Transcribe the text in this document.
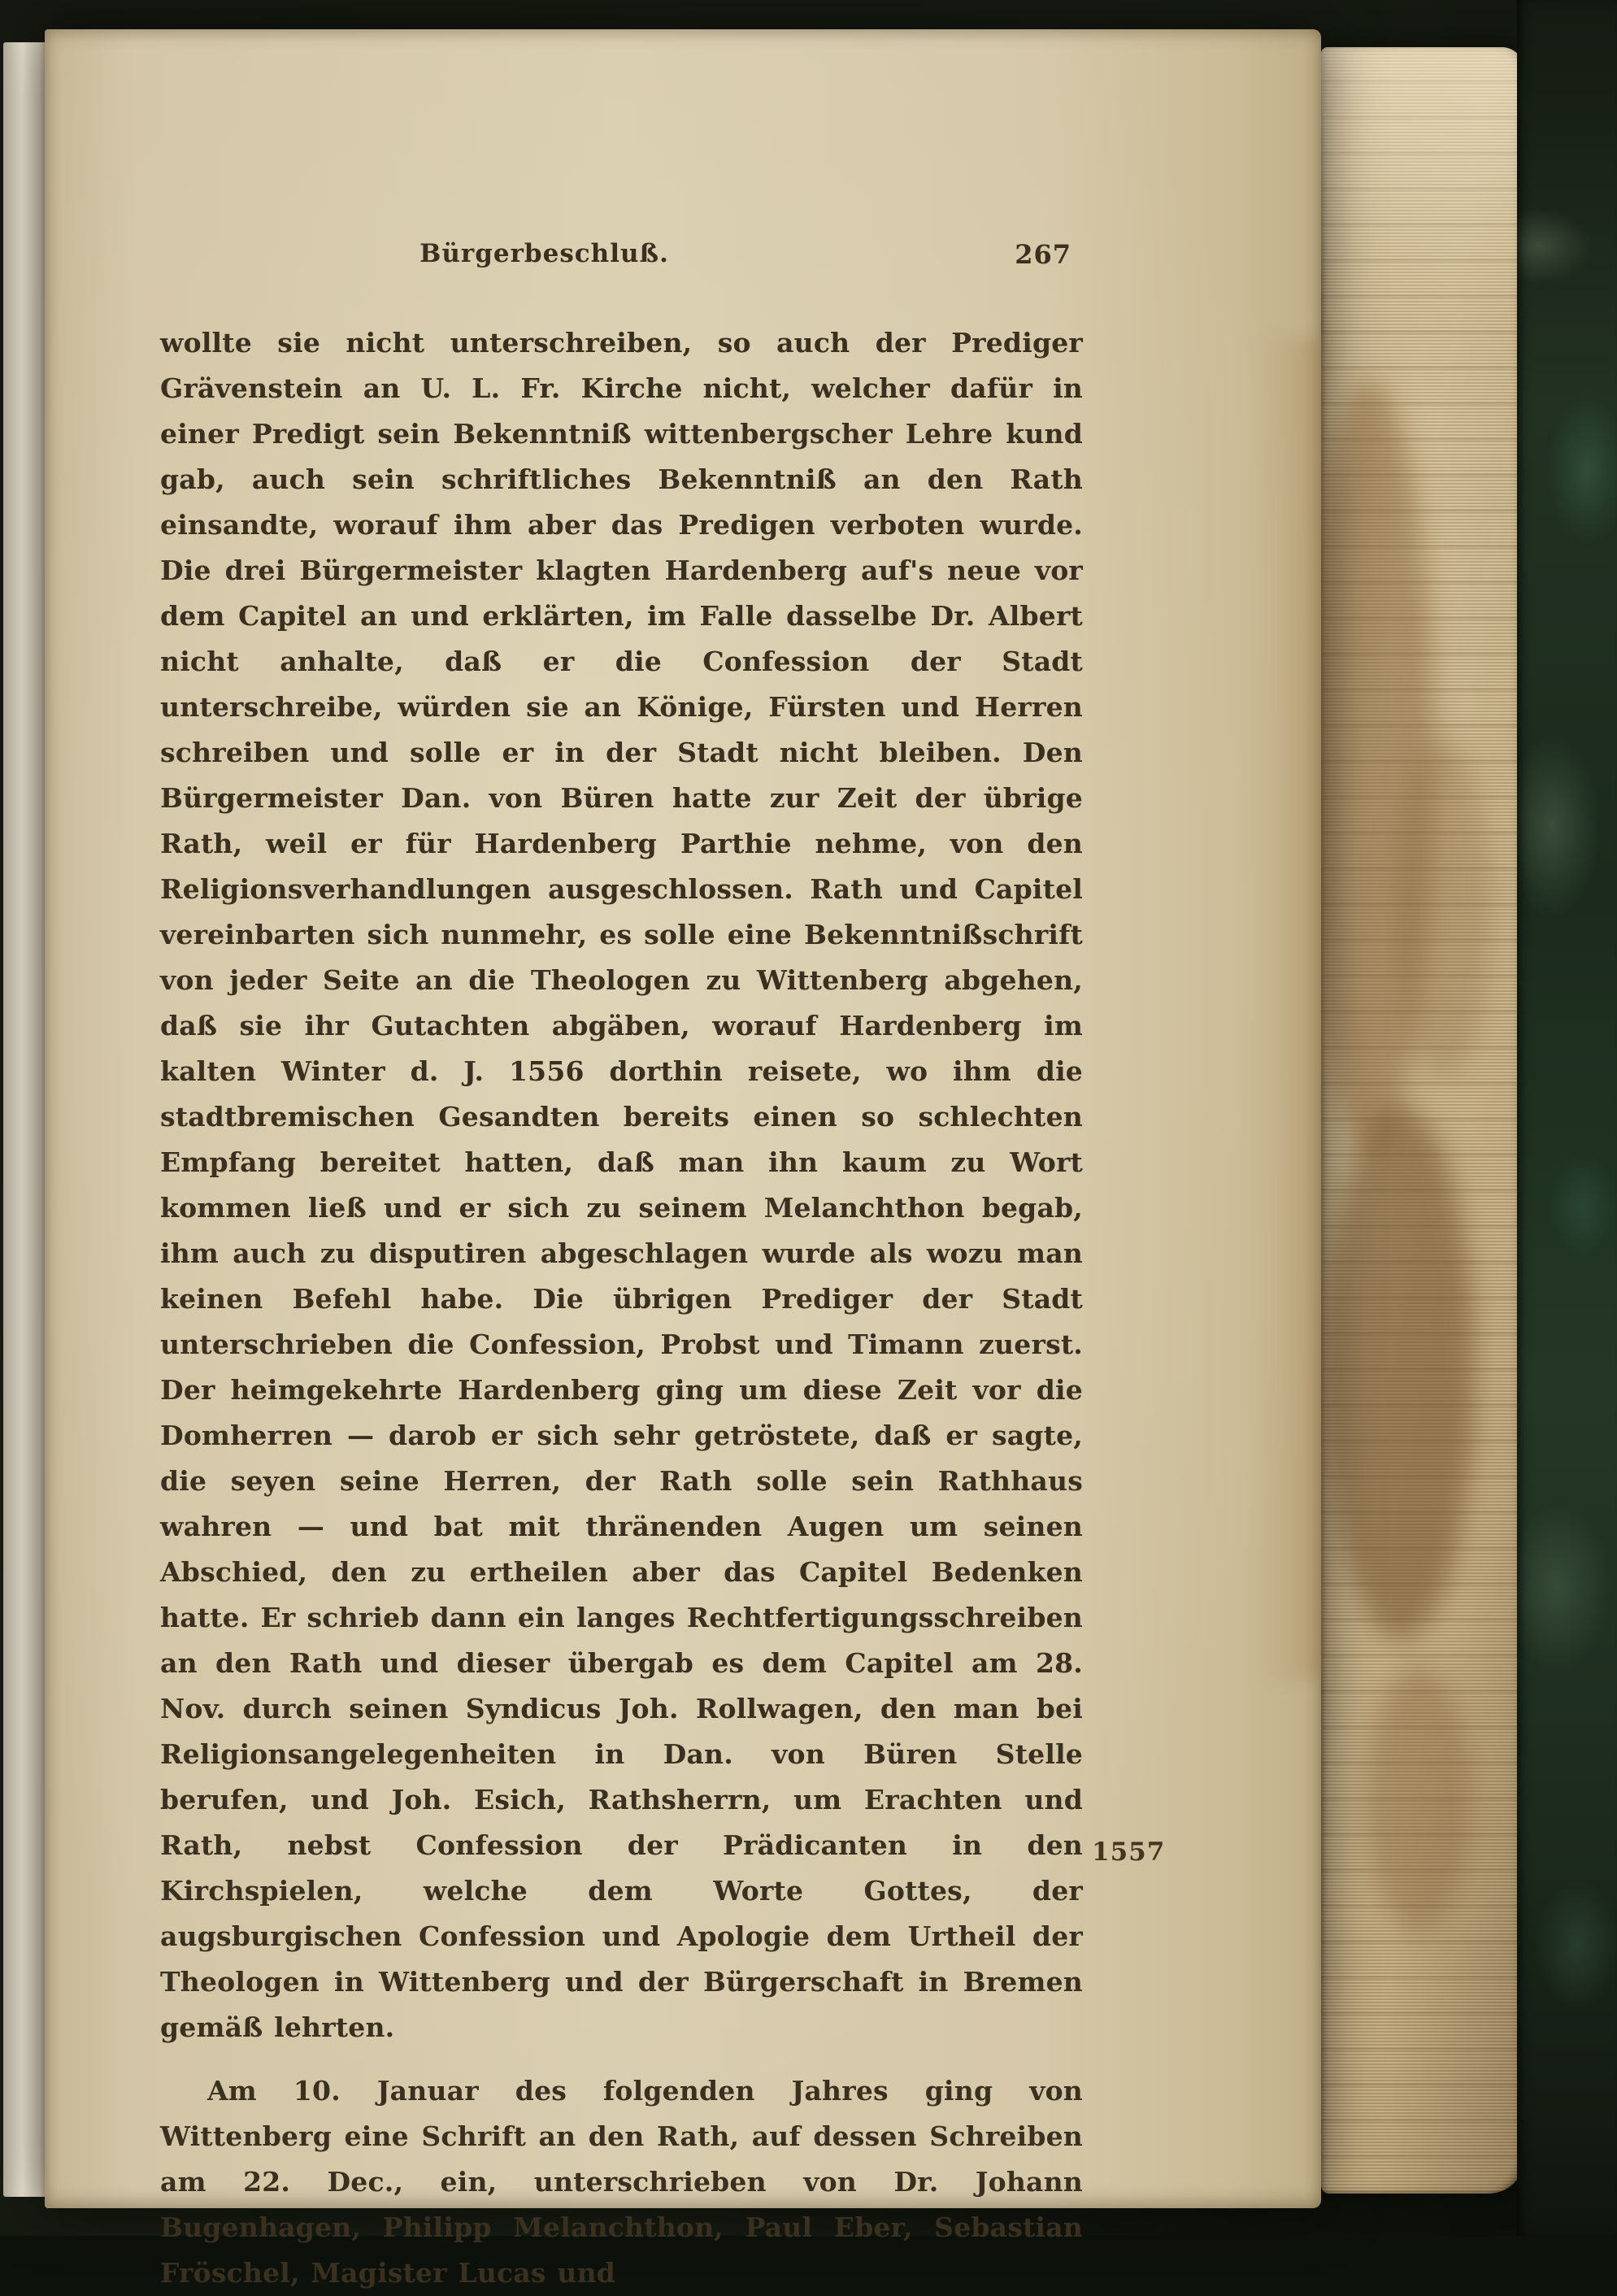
Bürgerbeschluß.	267

wollte sie nicht unterschreiben, so auch der Prediger Grävenstein an U. L. Fr. Kirche nicht, welcher dafür in einer Predigt sein Bekenntniß wittenbergscher Lehre kund gab, auch sein schriftliches Bekenntniß an den Rath einsandte, worauf ihm aber das Predigen verboten wurde. Die drei Bürgermeister klagten Hardenberg auf's neue vor dem Capitel an und erklärten, im Falle dasselbe Dr. Albert nicht anhalte, daß er die Confession der Stadt unterschreibe, würden sie an Könige, Fürsten und Herren schreiben und solle er in der Stadt nicht bleiben. Den Bürgermeister Dan. von Büren hatte zur Zeit der übrige Rath, weil er für Hardenberg Parthie nehme, von den Religionsverhandlungen ausgeschlossen. Rath und Capitel vereinbarten sich nunmehr, es solle eine Bekenntnißschrift von jeder Seite an die Theologen zu Wittenberg abgehen, daß sie ihr Gutachten abgäben, worauf Hardenberg im kalten Winter d. J. 1556 dorthin reisete, wo ihm die stadtbremischen Gesandten bereits einen so schlechten Empfang bereitet hatten, daß man ihn kaum zu Wort kommen ließ und er sich zu seinem Melanchthon begab, ihm auch zu disputiren abgeschlagen wurde als wozu man keinen Befehl habe. Die übrigen Prediger der Stadt unterschrieben die Confession, Probst und Timann zuerst. Der heimgekehrte Hardenberg ging um diese Zeit vor die Domherren — darob er sich sehr getröstete, daß er sagte, die seyen seine Herren, der Rath solle sein Rathhaus wahren — und bat mit thränenden Augen um seinen Abschied, den zu ertheilen aber das Capitel Bedenken hatte. Er schrieb dann ein langes Rechtfertigungsschreiben an den Rath und dieser übergab es dem Capitel am 28. Nov. durch seinen Syndicus Joh. Rollwagen, den man bei Religionsangelegenheiten in Dan. von Büren Stelle berufen, und Joh. Esich, Rathsherrn, um Erachten und Rath, nebst Confession der Prädicanten in den Kirchspielen, welche dem Worte Gottes, der augsburgischen Confession und Apologie dem Urtheil der Theologen in Wittenberg und der Bürgerschaft in Bremen gemäß lehrten.

Am 10. Januar des folgenden Jahres ging von Wittenberg eine Schrift an den Rath, auf dessen Schreiben am 22. Dec., ein, unterschrieben von Dr. Johann Bugenhagen, Philipp Melanchthon, Paul Eber, Sebastian Fröschel, Magister Lucas und

1557
